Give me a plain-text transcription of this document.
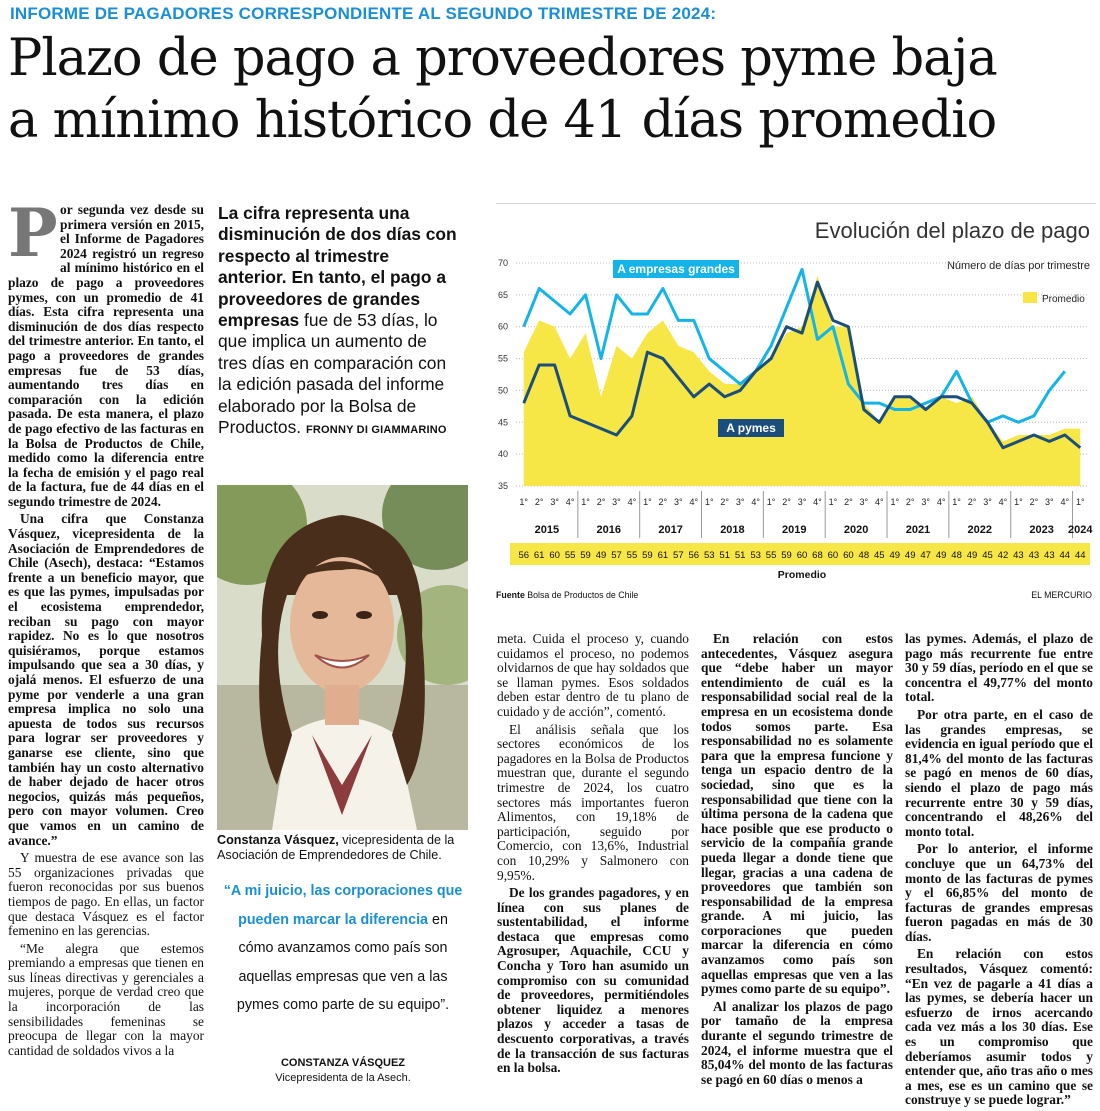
INFORME DE PAGADORES CORRESPONDIENTE AL SEGUNDO TRIMESTRE DE 2024:
Plazo de pago a proveedores pyme baja
a mínimo histórico de 41 días promedio

Por segunda vez desde su primera versión en 2015, el Informe de Pagadores 2024 registró un regreso al mínimo histórico en el plazo de pago a proveedores pymes, con un promedio de 41 días. Esta cifra representa una disminución de dos días respecto del trimestre anterior. En tanto, el pago a proveedores de grandes empresas fue de 53 días, aumentando tres días en comparación con la edición pasada. De esta manera, el plazo de pago efectivo de las facturas en la Bolsa de Productos de Chile, medido como la diferencia entre la fecha de emisión y el pago real de la factura, fue de 44 días en el segundo trimestre de 2024.

Una cifra que Constanza Vásquez, vicepresidenta de la Asociación de Emprendedores de Chile (Asech), destaca: “Estamos frente a un beneficio mayor, que es que las pymes, impulsadas por el ecosistema emprendedor, reciban su pago con mayor rapidez. No es lo que nosotros quisiéramos, porque estamos impulsando que sea a 30 días, y ojalá menos. El esfuerzo de una pyme por venderle a una gran empresa implica no solo una apuesta de todos sus recursos para lograr ser proveedores y ganarse ese cliente, sino que también hay un costo alternativo de haber dejado de hacer otros negocios, quizás más pequeños, pero con mayor volumen. Creo que vamos en un camino de avance.”

Y muestra de ese avance son las 55 organizaciones privadas que fueron reconocidas por sus buenos tiempos de pago. En ellas, un factor que destaca Vásquez es el factor femenino en las gerencias.

“Me alegra que estemos premiando a empresas que tienen en sus líneas directivas y gerenciales a mujeres, porque de verdad creo que la incorporación de las sensibilidades femeninas se preocupa de llegar con la mayor cantidad de soldados vivos a la

La cifra representa una disminución de dos días con respecto al trimestre anterior. En tanto, el pago a proveedores de grandes empresas fue de 53 días, lo que implica un aumento de tres días en comparación con la edición pasada del informe elaborado por la Bolsa de Productos. FRONNY DI GIAMMARINO
Constanza Vásquez, vicepresidenta de la Asociación de Emprendedores de Chile.
“A mi juicio, las corporaciones que pueden marcar la diferencia en cómo avanzamos como país son aquellas empresas que ven a las pymes como parte de su equipo”.
CONSTANZA VÁSQUEZ
Vicepresidenta de la Asech.
Evolución del plazo de pago
Número de días por trimestre
35
40
45
50
55
60
65
70
Promedio
A empresas grandes
A pymes
1° 2° 3° 4° 1° 2° 3° 4° 1° 2° 3° 4° 1° 2° 3° 4° 1° 2° 3° 4° 1° 2° 3° 4° 1° 2° 3° 4° 1° 2° 3° 4° 1° 2° 3° 4° 1°
2015	2016	2017	2018	2019	2020	2021	2022	2023 2024
56 61 60 55 59 49 57 55 59 61 57 56 53 51 51 53 55 59 60 68 60 60 48 45 49 49 47 49 48 49 45 42 43 43 43 44 44
Promedio
Fuente Bolsa de Productos de Chile	EL MERCURIO

meta. Cuida el proceso y, cuando cuidamos el proceso, no podemos olvidarnos de que hay soldados que se llaman pymes. Esos soldados deben estar dentro de tu plano de cuidado y de acción”, comentó.

El análisis señala que los sectores económicos de los pagadores en la Bolsa de Productos muestran que, durante el segundo trimestre de 2024, los cuatro sectores más importantes fueron Alimentos, con 19,18% de participación, seguido por Comercio, con 13,6%, Industrial con 10,29% y Salmonero con 9,95%.

De los grandes pagadores, y en línea con sus planes de sustentabilidad, el informe destaca que empresas como Agrosuper, Aquachile, CCU y Concha y Toro han asumido un compromiso con su comunidad de proveedores, permitiéndoles obtener liquidez a menores plazos y acceder a tasas de descuento corporativas, a través de la transacción de sus facturas en la bolsa.

En relación con estos antecedentes, Vásquez asegura que “debe haber un mayor entendimiento de cuál es la responsabilidad social real de la empresa en un ecosistema donde todos somos parte. Esa responsabilidad no es solamente para que la empresa funcione y tenga un espacio dentro de la sociedad, sino que es la responsabilidad que tiene con la última persona de la cadena que hace posible que ese producto o servicio de la compañía grande pueda llegar a donde tiene que llegar, gracias a una cadena de proveedores que también son responsabilidad de la empresa grande. A mi juicio, las corporaciones que pueden marcar la diferencia en cómo avanzamos como país son aquellas empresas que ven a las pymes como parte de su equipo”.

Al analizar los plazos de pago por tamaño de la empresa durante el segundo trimestre de 2024, el informe muestra que el 85,04% del monto de las facturas se pagó en 60 días o menos a

las pymes. Además, el plazo de pago más recurrente fue entre 30 y 59 días, período en el que se concentra el 49,77% del monto total.

Por otra parte, en el caso de las grandes empresas, se evidencia en igual período que el 81,4% del monto de las facturas se pagó en menos de 60 días, siendo el plazo de pago más recurrente entre 30 y 59 días, concentrando el 48,26% del monto total.

Por lo anterior, el informe concluye que un 64,73% del monto de las facturas de pymes y el 66,85% del monto de facturas de grandes empresas fueron pagadas en más de 30 días.

En relación con estos resultados, Vásquez comentó: “En vez de pagarle a 41 días a las pymes, se debería hacer un esfuerzo de irnos acercando cada vez más a los 30 días. Ese es un compromiso que deberíamos asumir todos y entender que, año tras año o mes a mes, ese es un camino que se construye y se puede lograr.”
